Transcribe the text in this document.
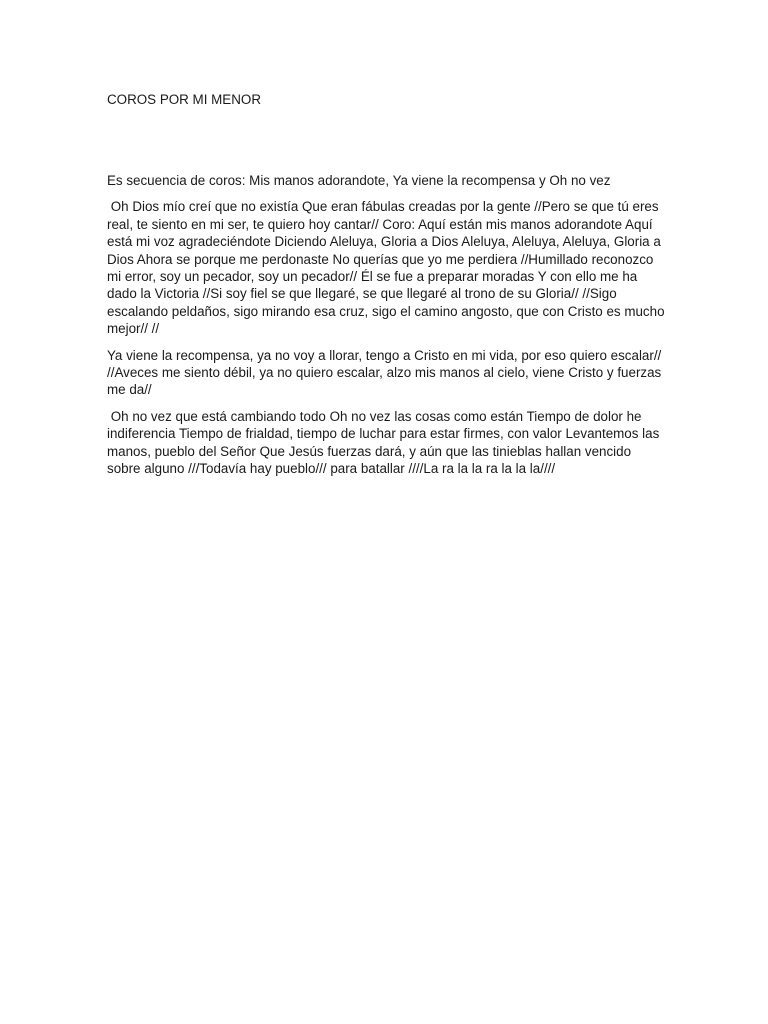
COROS POR MI MENOR

Es secuencia de coros: Mis manos adorandote, Ya viene la recompensa y Oh no vez

Oh Dios mío creí que no existía Que eran fábulas creadas por la gente //Pero se que tú eres real, te siento en mi ser, te quiero hoy cantar// Coro: Aquí están mis manos adorandote Aquí está mi voz agradeciéndote Diciendo Aleluya, Gloria a Dios Aleluya, Aleluya, Aleluya, Gloria a Dios Ahora se porque me perdonaste No querías que yo me perdiera //Humillado reconozco mi error, soy un pecador, soy un pecador// Él se fue a preparar moradas Y con ello me ha dado la Victoria //Si soy fiel se que llegaré, se que llegaré al trono de su Gloria// //Sigo escalando peldaños, sigo mirando esa cruz, sigo el camino angosto, que con Cristo es mucho mejor// //

Ya viene la recompensa, ya no voy a llorar, tengo a Cristo en mi vida, por eso quiero escalar// //Aveces me siento débil, ya no quiero escalar, alzo mis manos al cielo, viene Cristo y fuerzas me da//

Oh no vez que está cambiando todo Oh no vez las cosas como están Tiempo de dolor he indiferencia Tiempo de frialdad, tiempo de luchar para estar firmes, con valor Levantemos las manos, pueblo del Señor Que Jesús fuerzas dará, y aún que las tinieblas hallan vencido sobre alguno ///Todavía hay pueblo/// para batallar ////La ra la la ra la la la////
